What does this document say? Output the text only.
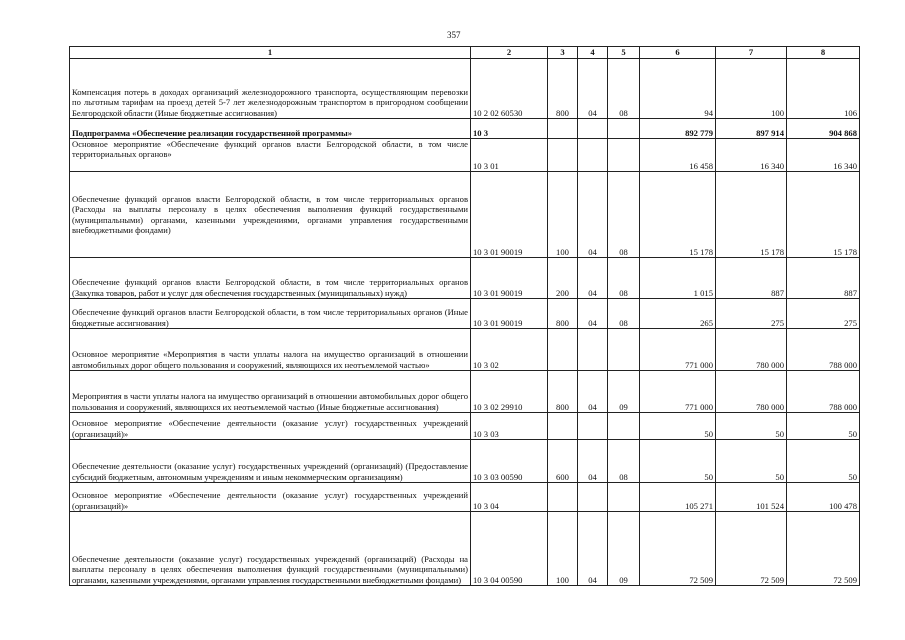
357
1	2	3	4	5	6	7	8
Компенсация потерь в доходах организаций железнодорожного транспорта, осуществляющим перевозки по льготным тарифам на проезд детей 5-7 лет железнодорожным транспортом в пригородном сообщении Белгородской области (Иные бюджетные ассигнования)	10 2 02 60530	800	04	08	94	100	106
Подпрограмма «Обеспечение реализации государственной программы»	10 3				892 779	897 914	904 868
Основное мероприятие «Обеспечение функций органов власти Белгородской области, в том числе территориальных органов»	10 3 01				16 458	16 340	16 340
Обеспечение функций органов власти Белгородской области, в том числе территориальных органов (Расходы на выплаты персоналу в целях обеспечения выполнения функций государственными (муниципальными) органами, казенными учреждениями, органами управления государственными внебюджетными фондами)	10 3 01 90019	100	04	08	15 178	15 178	15 178
Обеспечение функций органов власти Белгородской области, в том числе территориальных органов (Закупка товаров, работ и услуг для обеспечения государственных (муниципальных) нужд)	10 3 01 90019	200	04	08	1 015	887	887
Обеспечение функций органов власти Белгородской области, в том числе территориальных органов (Иные бюджетные ассигнования)	10 3 01 90019	800	04	08	265	275	275
Основное мероприятие «Мероприятия в части уплаты налога на имущество организаций в отношении автомобильных дорог общего пользования и сооружений, являющихся их неотъемлемой частью»	10 3 02				771 000	780 000	788 000
Мероприятия в части уплаты налога на имущество организаций в отношении автомобильных дорог общего пользования и сооружений, являющихся их неотъемлемой частью (Иные бюджетные ассигнования)	10 3 02 29910	800	04	09	771 000	780 000	788 000
Основное мероприятие «Обеспечение деятельности (оказание услуг) государственных учреждений (организаций)»	10 3 03				50	50	50
Обеспечение деятельности (оказание услуг) государственных учреждений (организаций) (Предоставление субсидий бюджетным, автономным учреждениям и иным некоммерческим организациям)	10 3 03 00590	600	04	08	50	50	50
Основное мероприятие «Обеспечение деятельности (оказание услуг) государственных учреждений (организаций)»	10 3 04				105 271	101 524	100 478
Обеспечение деятельности (оказание услуг) государственных учреждений (организаций) (Расходы на выплаты персоналу в целях обеспечения выполнения функций государственными (муниципальными) органами, казенными учреждениями, органами управления государственными внебюджетными фондами)	10 3 04 00590	100	04	09	72 509	72 509	72 509
